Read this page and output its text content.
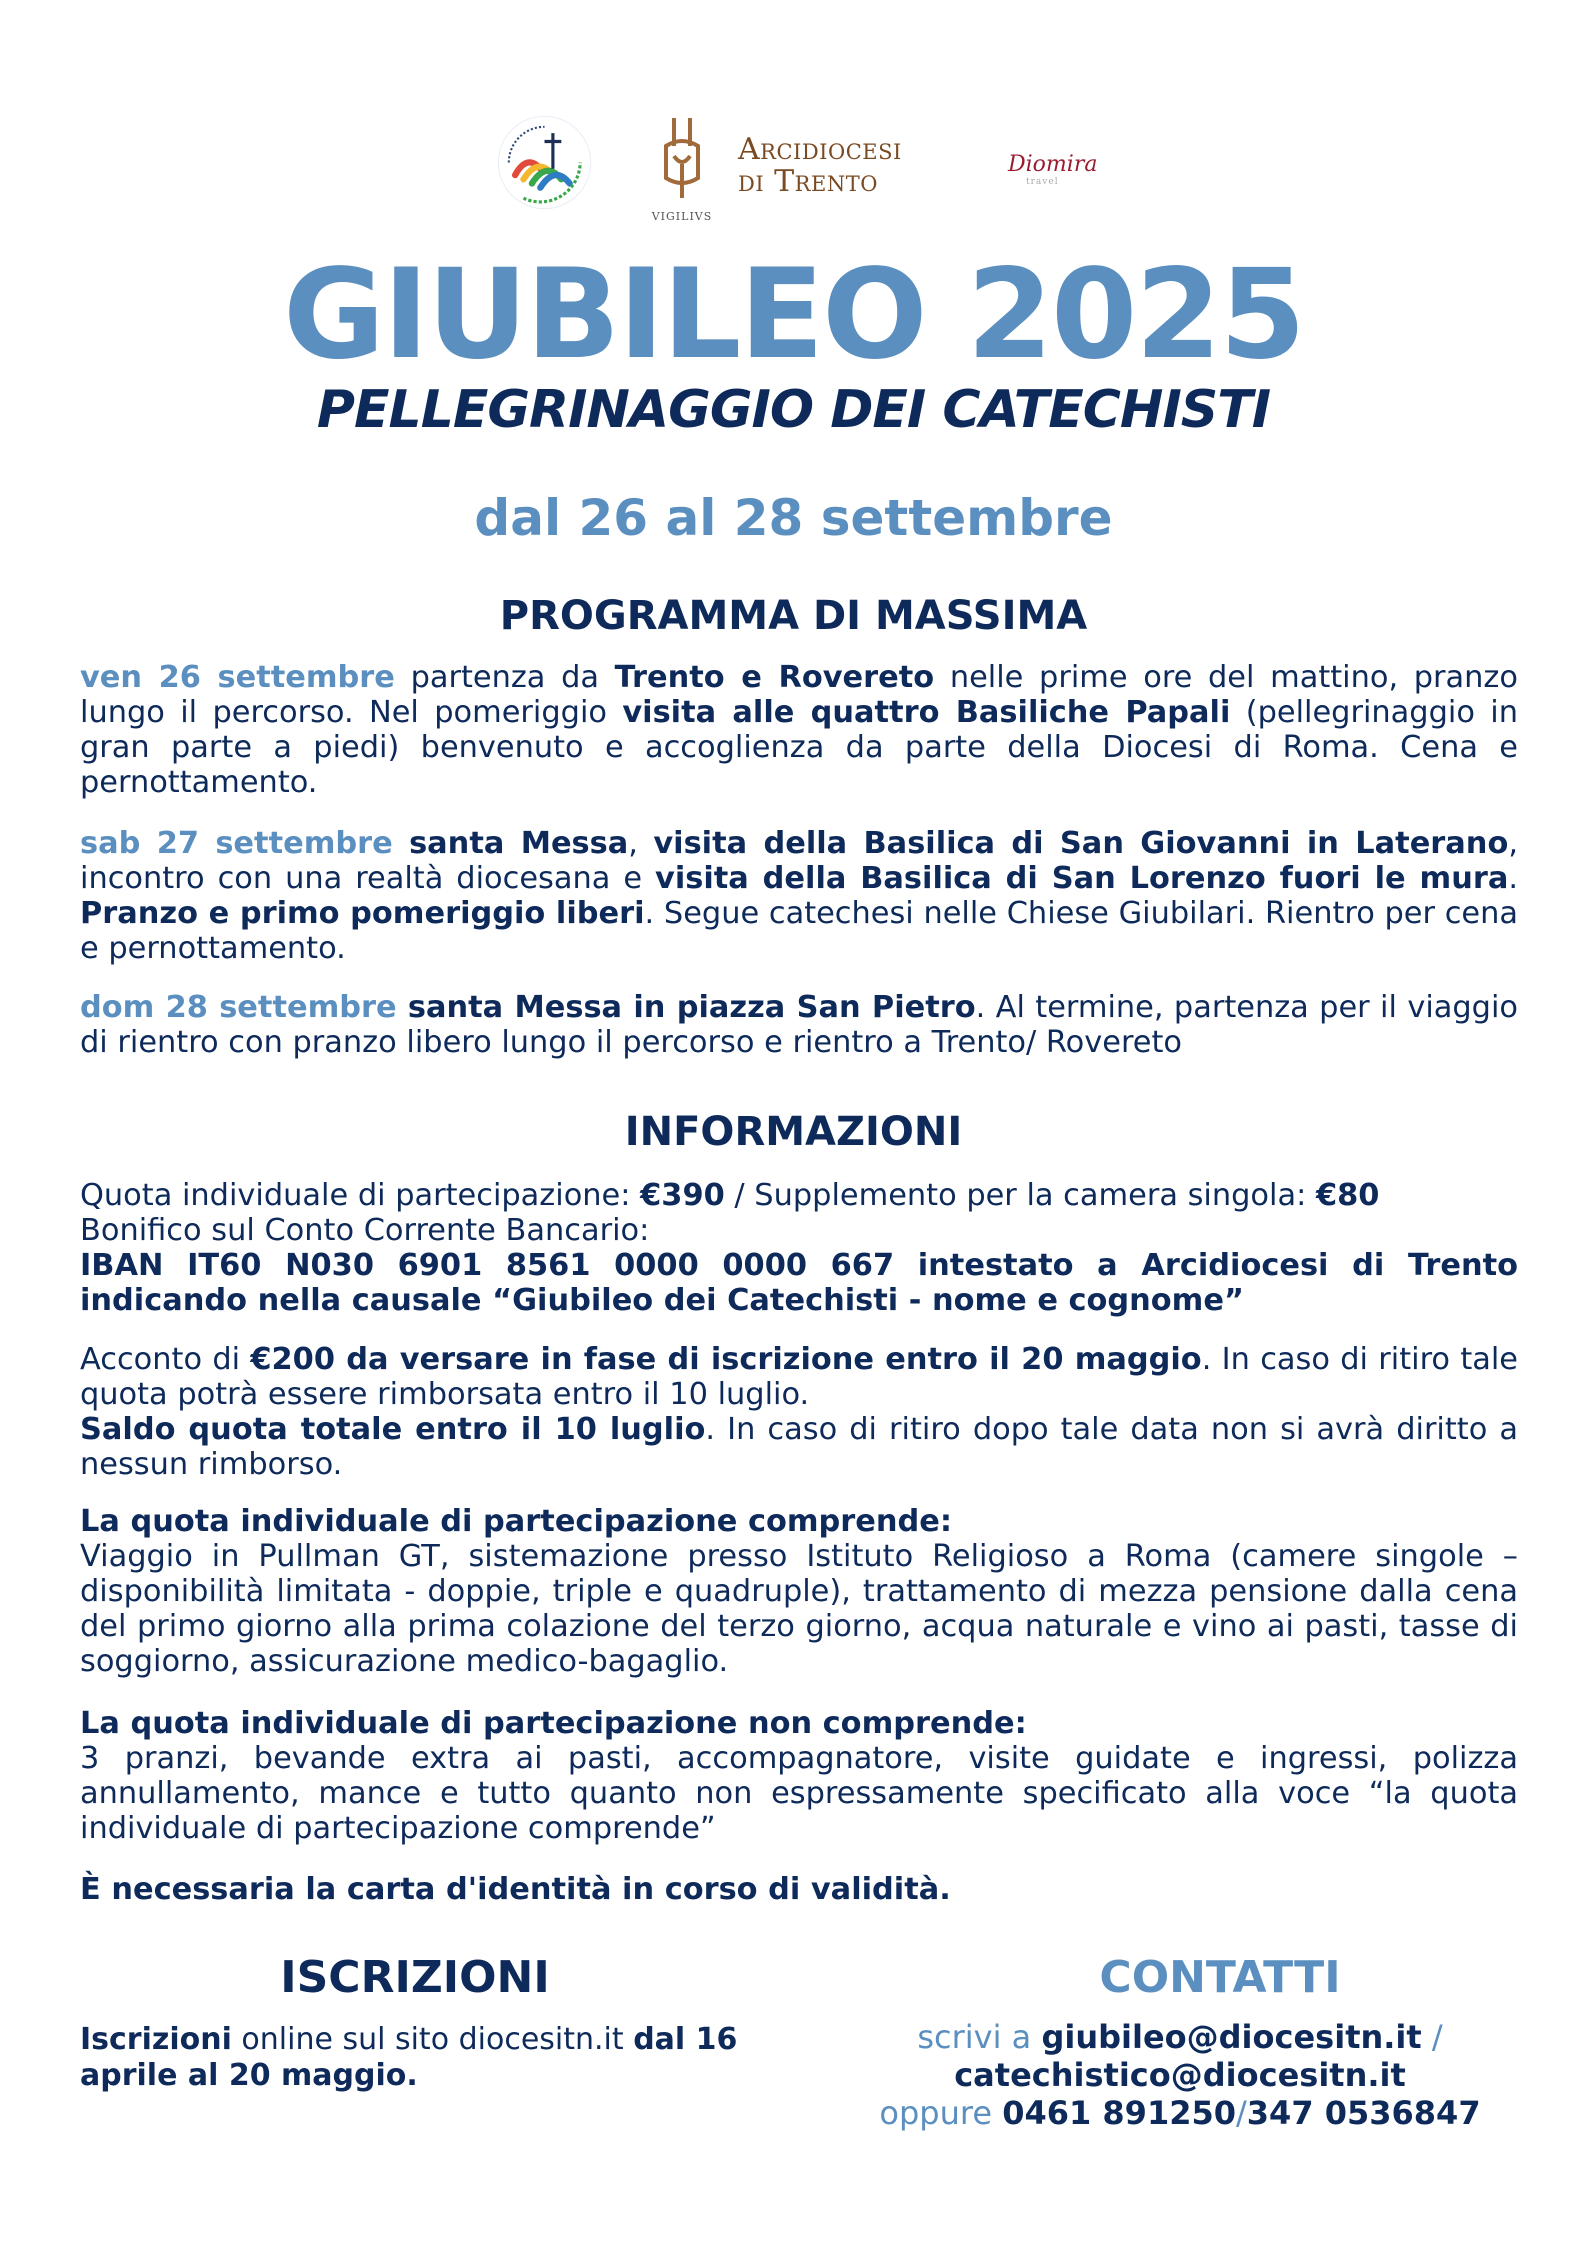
VIGILIVS
Arcidiocesi
di Trento	Diomira
travel
GIUBILEO 2025
PELLEGRINAGGIO DEI CATECHISTI
dal 26 al 28 settembre
PROGRAMMA DI MASSIMA

ven 26 settembre partenza da Trento e Rovereto nelle prime ore del mattino, pranzo lungo il percorso. Nel pomeriggio visita alle quattro Basiliche Papali (pellegrinaggio in gran parte a piedi) benvenuto e accoglienza da parte della Diocesi di Roma. Cena e pernottamento.

sab 27 settembre santa Messa, visita della Basilica di San Giovanni in Laterano, incontro con una realtà diocesana e visita della Basilica di San Lorenzo fuori le mura. Pranzo e primo pomeriggio liberi. Segue catechesi nelle Chiese Giubilari. Rientro per cena e pernottamento.

dom 28 settembre santa Messa in piazza San Pietro. Al termine, partenza per il viaggio di rientro con pranzo libero lungo il percorso e rientro a Trento/ Rovereto

INFORMAZIONI

Quota individuale di partecipazione: €390 / Supplemento per la camera singola: €80

Bonifico sul Conto Corrente Bancario:

IBAN IT60 N030 6901 8561 0000 0000 667 intestato a Arcidiocesi di Trento indicando nella causale “Giubileo dei Catechisti - nome e cognome”

Acconto di €200 da versare in fase di iscrizione entro il 20 maggio. In caso di ritiro tale quota potrà essere rimborsata entro il 10 luglio.

Saldo quota totale entro il 10 luglio. In caso di ritiro dopo tale data non si avrà diritto a nessun rimborso.

La quota individuale di partecipazione comprende:

Viaggio in Pullman GT, sistemazione presso Istituto Religioso a Roma (camere singole – disponibilità limitata - doppie, triple e quadruple), trattamento di mezza pensione dalla cena del primo giorno alla prima colazione del terzo giorno, acqua naturale e vino ai pasti, tasse di soggiorno, assicurazione medico-bagaglio.

La quota individuale di partecipazione non comprende:

3 pranzi, bevande extra ai pasti, accompagnatore, visite guidate e ingressi, polizza annullamento, mance e tutto quanto non espressamente specificato alla voce “la quota individuale di partecipazione comprende”

È necessaria la carta d'identità in corso di validità.

ISCRIZIONI
Iscrizioni online sul sito diocesitn.it dal 16 aprile al 20 maggio.
CONTATTI
scrivi a giubileo@diocesitn.it /
catechistico@diocesitn.it
oppure 0461 891250/347 0536847
